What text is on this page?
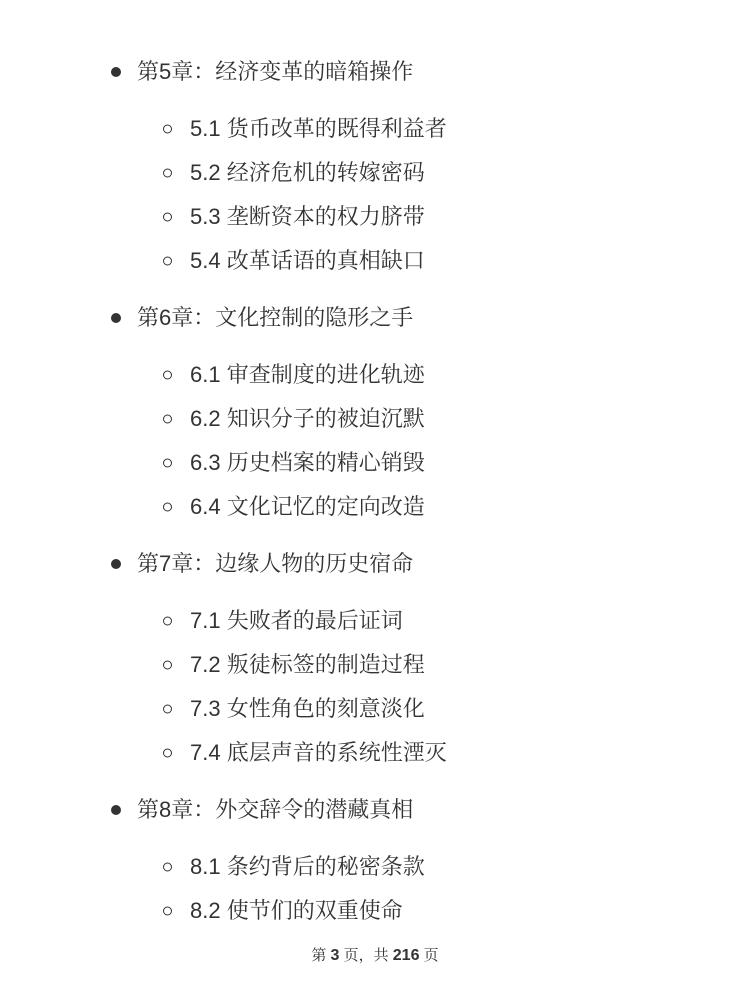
第5章：经济变革的暗箱操作
5.1 货币改革的既得利益者
5.2 经济危机的转嫁密码
5.3 垄断资本的权力脐带
5.4 改革话语的真相缺口
第6章：文化控制的隐形之手
6.1 审查制度的进化轨迹
6.2 知识分子的被迫沉默
6.3 历史档案的精心销毁
6.4 文化记忆的定向改造
第7章：边缘人物的历史宿命
7.1 失败者的最后证词
7.2 叛徒标签的制造过程
7.3 女性角色的刻意淡化
7.4 底层声音的系统性湮灭
第8章：外交辞令的潜藏真相
8.1 条约背后的秘密条款
8.2 使节们的双重使命
第 3 页，共 216 页
